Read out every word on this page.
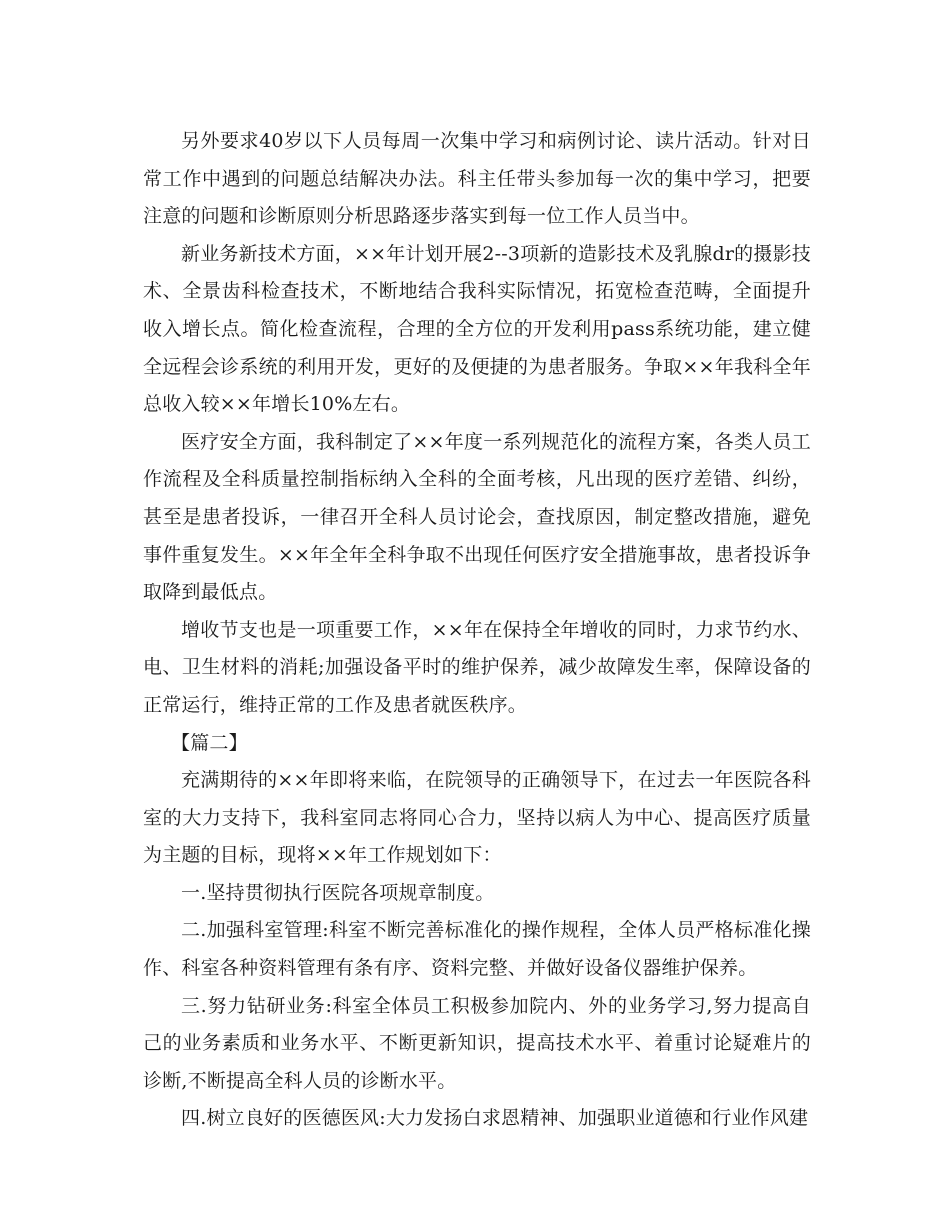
另外要求40岁以下人员每周一次集中学习和病例讨论、读片活动。针对日常工作中遇到的问题总结解决办法。科主任带头参加每一次的集中学习，把要注意的问题和诊断原则分析思路逐步落实到每一位工作人员当中。

新业务新技术方面，××年计划开展2--3项新的造影技术及乳腺dr的摄影技术、全景齿科检查技术，不断地结合我科实际情况，拓宽检查范畴，全面提升收入增长点。简化检查流程，合理的全方位的开发利用pass系统功能，建立健全远程会诊系统的利用开发，更好的及便捷的为患者服务。争取××年我科全年总收入较××年增长10%左右。

医疗安全方面，我科制定了××年度一系列规范化的流程方案，各类人员工作流程及全科质量控制指标纳入全科的全面考核，凡出现的医疗差错、纠纷，甚至是患者投诉，一律召开全科人员讨论会，查找原因，制定整改措施，避免事件重复发生。××年全年全科争取不出现任何医疗安全措施事故，患者投诉争取降到最低点。

增收节支也是一项重要工作，××年在保持全年增收的同时，力求节约水、电、卫生材料的消耗;加强设备平时的维护保养，减少故障发生率，保障设备的正常运行，维持正常的工作及患者就医秩序。

【篇二】

充满期待的××年即将来临，在院领导的正确领导下，在过去一年医院各科室的大力支持下，我科室同志将同心合力，坚持以病人为中心、提高医疗质量为主题的目标，现将××年工作规划如下：

一.坚持贯彻执行医院各项规章制度。

二.加强科室管理:科室不断完善标准化的操作规程，全体人员严格标准化操作、科室各种资料管理有条有序、资料完整、并做好设备仪器维护保养。

三.努力钻研业务:科室全体员工积极参加院内、外的业务学习,努力提高自己的业务素质和业务水平、不断更新知识，提高技术水平、着重讨论疑难片的诊断,不断提高全科人员的诊断水平。

四.树立良好的医德医风:大力发扬白求恩精神、加强职业道德和行业作风建
